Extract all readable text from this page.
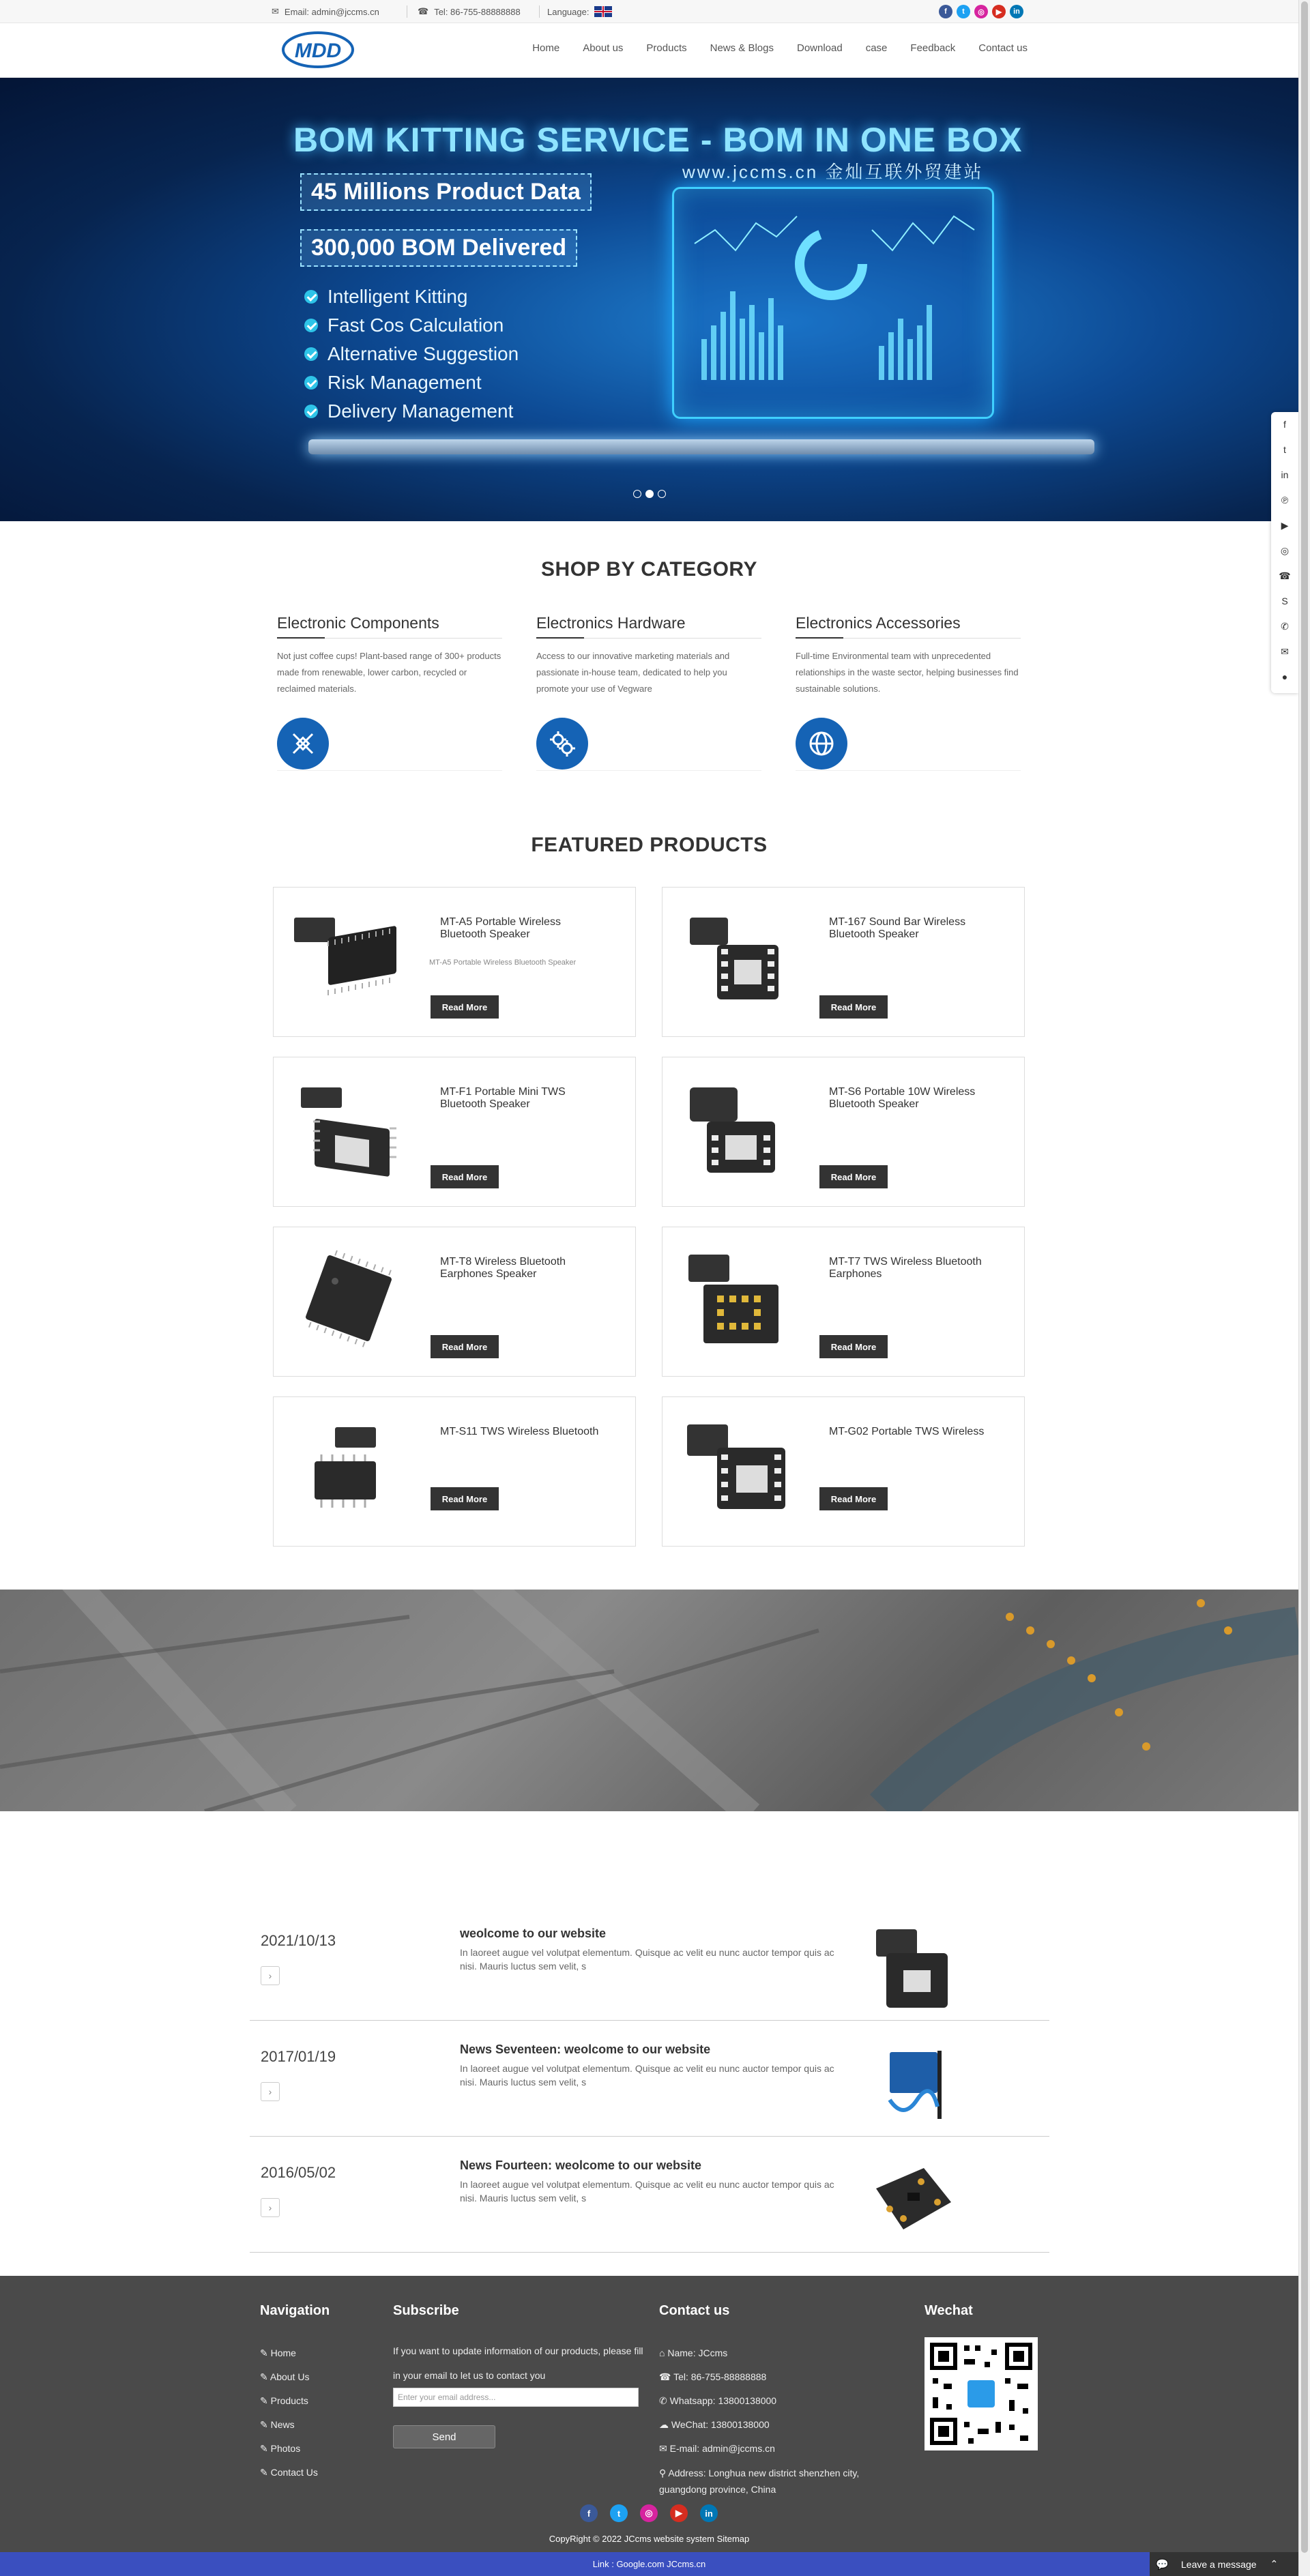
✉ Email: admin@jccms.cn	☎ Tel: 86-755-88888888	Language:	f	t	◎	▶	in
MDD	Home About us Products News & Blogs Download case Feedback Contact us
BOM KITTING SERVICE - BOM IN ONE BOX
www.jccms.cn 金灿互联外贸建站
45 Millions Product Data
300,000 BOM Delivered
Intelligent Kitting
Fast Cos Calculation
Alternative Suggestion
Risk Management
Delivery Management
f
t
in
℗
▶
◎
☎
S
✆
✉
●
SHOP BY CATEGORY
Electronic Components

Not just coffee cups! Plant-based range of 300+ products made from renewable, lower carbon, recycled or reclaimed materials.

Electronics Hardware

Access to our innovative marketing materials and passionate in-house team, dedicated to help you promote your use of Vegware

Electronics Accessories

Full-time Environmental team with unprecedented relationships in the waste sector, helping businesses find sustainable solutions.

FEATURED PRODUCTS
MT-A5 Portable Wireless Bluetooth Speaker
MT-A5 Portable Wireless Bluetooth Speaker
Read More
MT-167 Sound Bar Wireless Bluetooth Speaker
Read More
MT-F1 Portable Mini TWS Bluetooth Speaker
Read More
MT-S6 Portable 10W Wireless Bluetooth Speaker
Read More
MT-T8 Wireless Bluetooth Earphones Speaker
Read More
MT-T7 TWS Wireless Bluetooth Earphones
Read More
MT-S11 TWS Wireless Bluetooth
Read More
MT-G02 Portable TWS Wireless
Read More
2021/10/13
›
weolcome to our website
In laoreet augue vel volutpat elementum. Quisque ac velit eu nunc auctor tempor quis ac nisi. Mauris luctus sem velit, s
2017/01/19
›
News Seventeen: weolcome to our website
In laoreet augue vel volutpat elementum. Quisque ac velit eu nunc auctor tempor quis ac nisi. Mauris luctus sem velit, s
2016/05/02
›
News Fourteen: weolcome to our website
In laoreet augue vel volutpat elementum. Quisque ac velit eu nunc auctor tempor quis ac nisi. Mauris luctus sem velit, s
Navigation
✎ Home
✎ About Us
✎ Products
✎ News
✎ Photos
✎ Contact Us
Subscribe
If you want to update information of our products, please fill in your email to let us to contact you
Enter your email address...
Send
Contact us
⌂ Name: JCcms
☎ Tel: 86-755-88888888
✆ Whatsapp: 13800138000
☁ WeChat: 13800138000
✉ E-mail: admin@jccms.cn
⚲ Address: Longhua new district shenzhen city, guangdong province, China
Wechat
f	t	◎	▶	in
CopyRight © 2022 JCcms website system Sitemap
Link : Google.com JCcms.cn	Leave a message ⌃
💬
